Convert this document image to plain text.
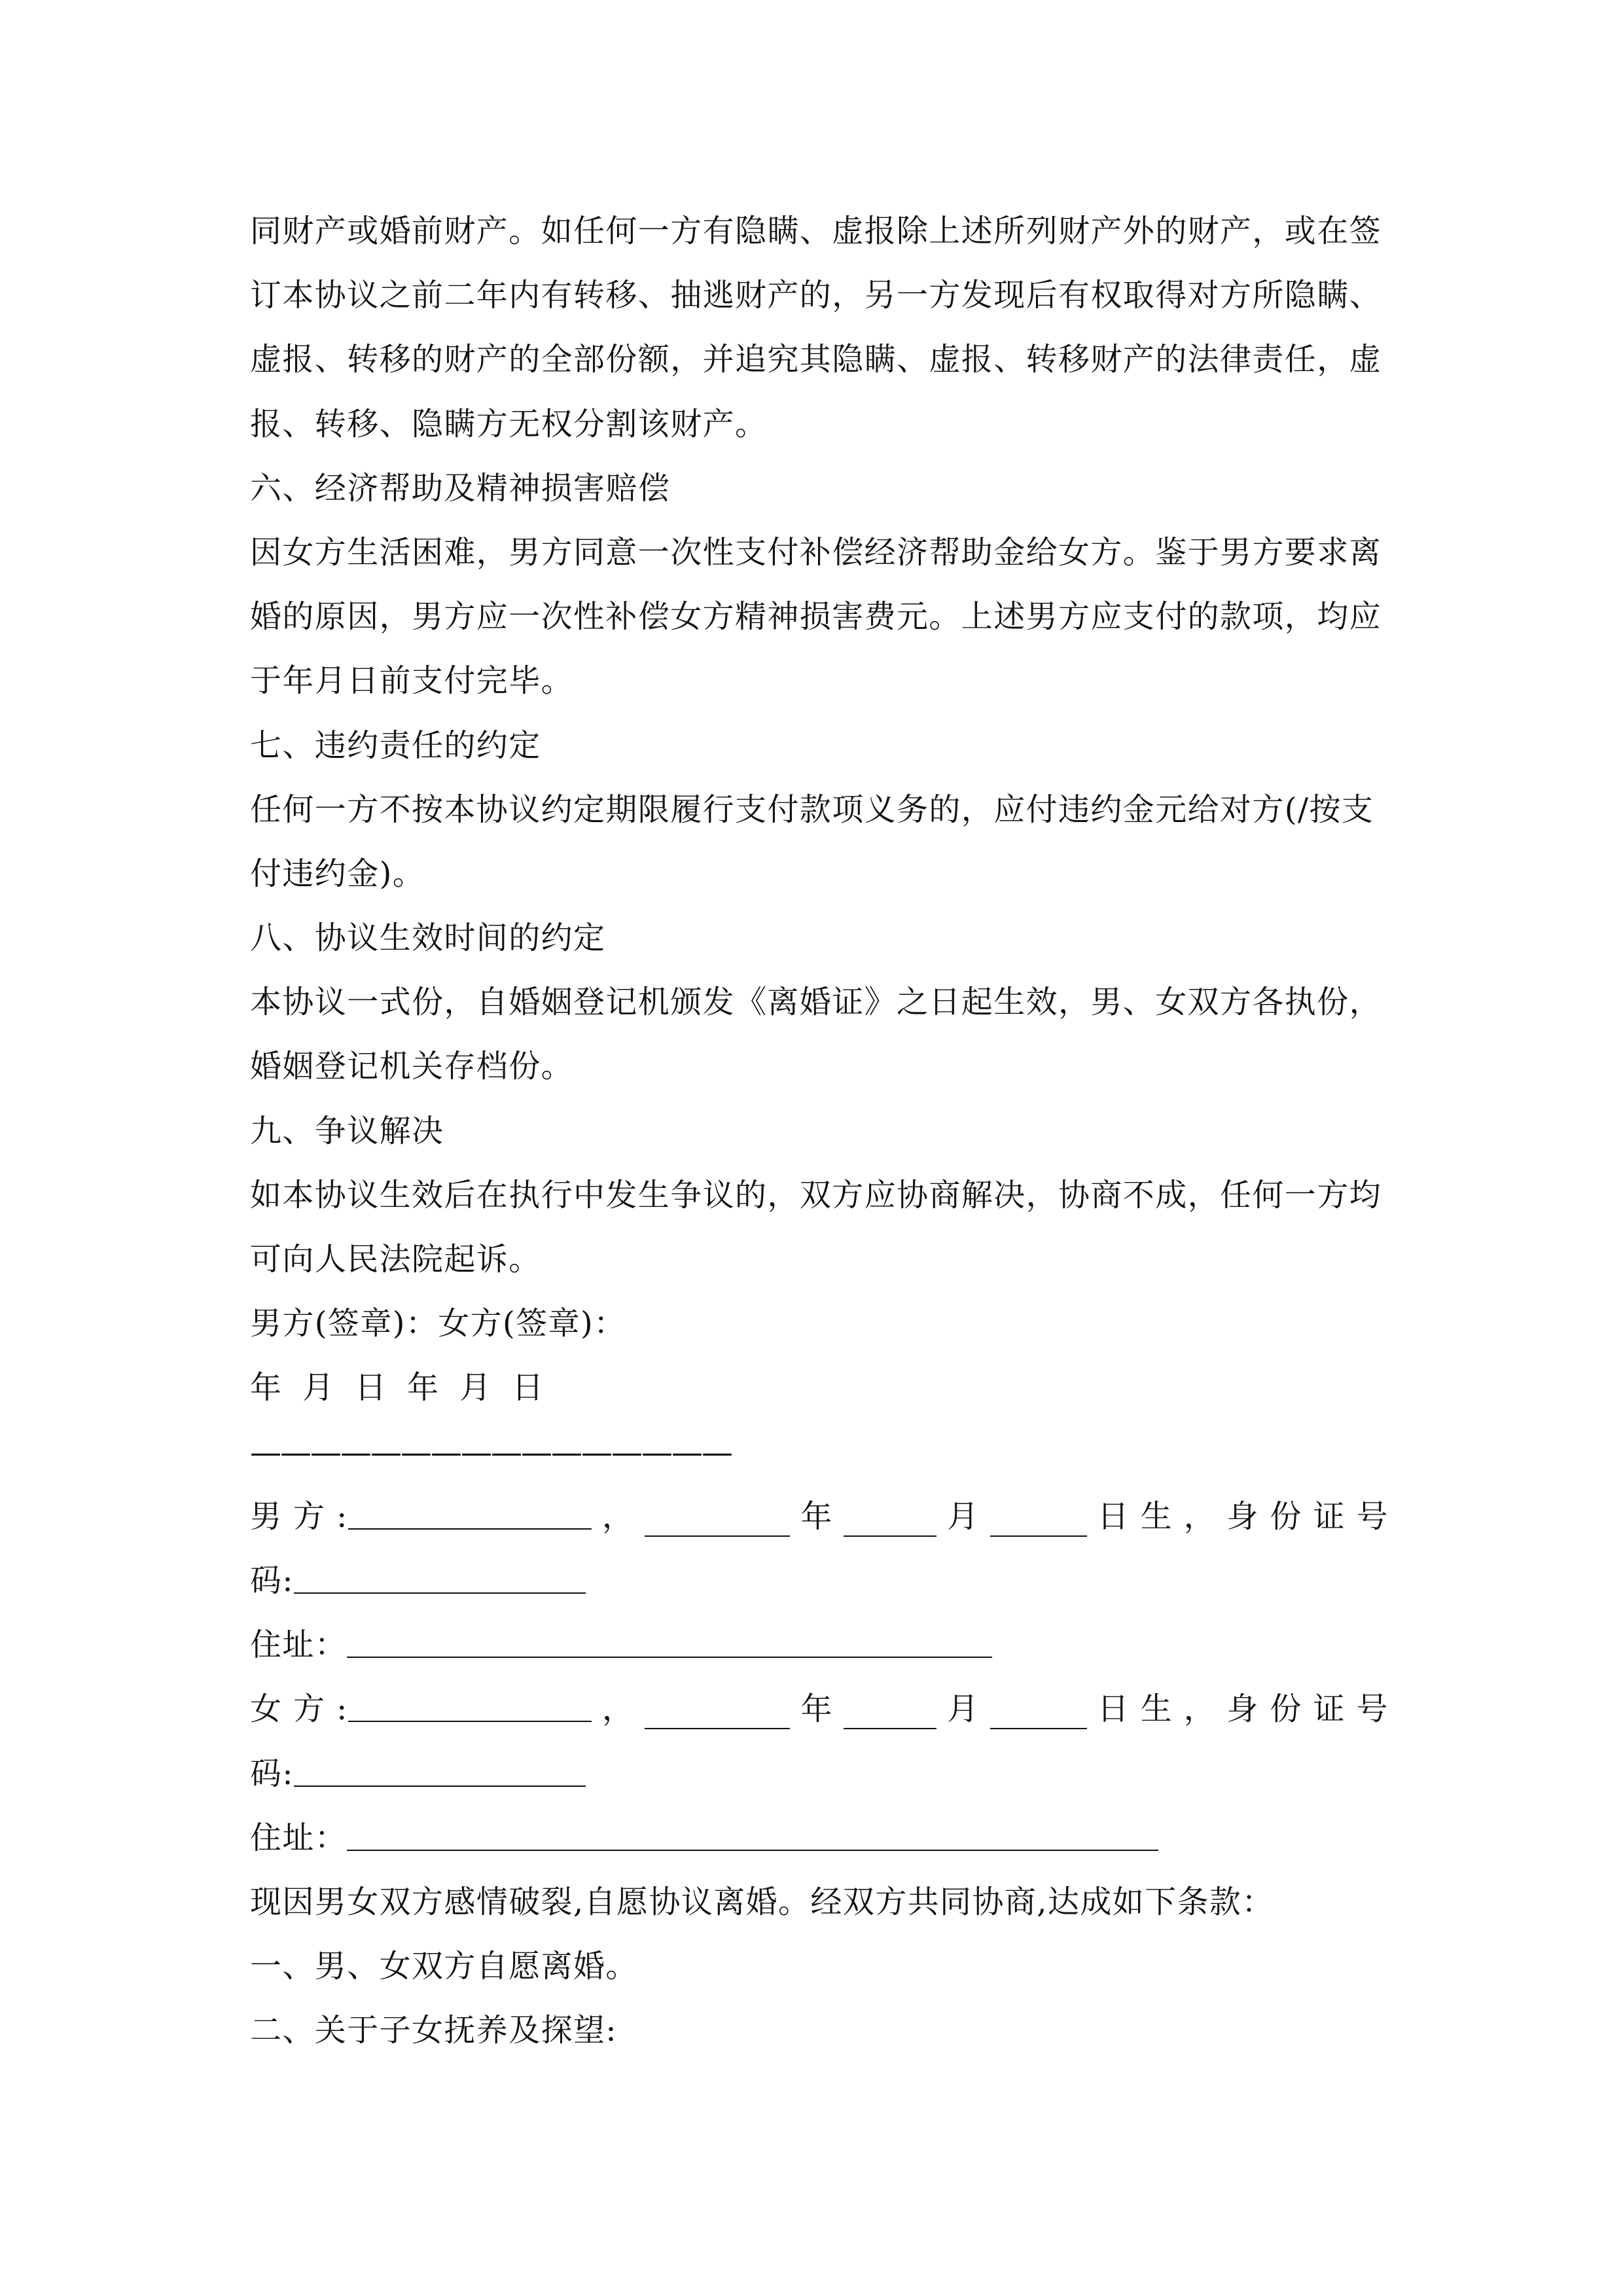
同财产或婚前财产。如任何一方有隐瞒、虚报除上述所列财产外的财产，或在签
订本协议之前二年内有转移、抽逃财产的，另一方发现后有权取得对方所隐瞒、
虚报、转移的财产的全部份额，并追究其隐瞒、虚报、转移财产的法律责任，虚
报、转移、隐瞒方无权分割该财产。
六、经济帮助及精神损害赔偿
因女方生活困难，男方同意一次性支付补偿经济帮助金给女方。鉴于男方要求离
婚的原因，男方应一次性补偿女方精神损害费元。上述男方应支付的款项，均应
于年月日前支付完毕。
七、违约责任的约定
任何一方不按本协议约定期限履行支付款项义务的，应付违约金元给对方(/按支
付违约金)。
八、协议生效时间的约定
本协议一式份，自婚姻登记机颁发《离婚证》之日起生效，男、女双方各执份，
婚姻登记机关存档份。
九、争议解决
如本协议生效后在执行中发生争议的，双方应协商解决，协商不成，任何一方均
可向人民法院起诉。
男方(签章)：女方(签章)：
年 月 日 年 月 日
————————————————
男 方 :	，	年	月	日 生 ， 身 份 证 号
码:
住址：
女 方 :	，	年	月	日 生 ， 身 份 证 号
码:
住址：
现因男女双方感情破裂,自愿协议离婚。经双方共同协商,达成如下条款：
一、男、女双方自愿离婚。
二、关于子女抚养及探望:
